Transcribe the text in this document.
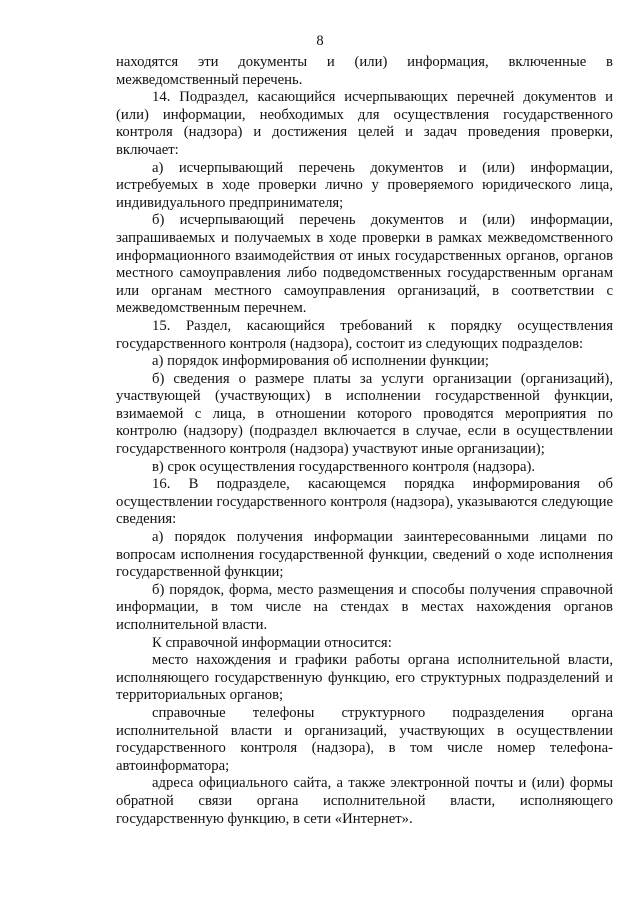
8

находятся эти документы и (или) информация, включенные в межведомственный перечень.

14. Подраздел, касающийся исчерпывающих перечней документов и (или) информации, необходимых для осуществления государственного контроля (надзора) и достижения целей и задач проведения проверки, включает:

а) исчерпывающий перечень документов и (или) информации, истребуемых в ходе проверки лично у проверяемого юридического лица, индивидуального предпринимателя;

б) исчерпывающий перечень документов и (или) информации, запрашиваемых и получаемых в ходе проверки в рамках межведомственного информационного взаимодействия от иных государственных органов, органов местного самоуправления либо подведомственных государственным органам или органам местного самоуправления организаций, в соответствии с межведомственным перечнем.

15. Раздел, касающийся требований к порядку осуществления государственного контроля (надзора), состоит из следующих подразделов:

а) порядок информирования об исполнении функции;

б) сведения о размере платы за услуги организации (организаций), участвующей (участвующих) в исполнении государственной функции, взимаемой с лица, в отношении которого проводятся мероприятия по контролю (надзору) (подраздел включается в случае, если в осуществлении государственного контроля (надзора) участвуют иные организации);

в) срок осуществления государственного контроля (надзора).

16. В подразделе, касающемся порядка информирования об осуществлении государственного контроля (надзора), указываются следующие сведения:

а) порядок получения информации заинтересованными лицами по вопросам исполнения государственной функции, сведений о ходе исполнения государственной функции;

б) порядок, форма, место размещения и способы получения справочной информации, в том числе на стендах в местах нахождения органов исполнительной власти.

К справочной информации относится:

место нахождения и графики работы органа исполнительной власти, исполняющего государственную функцию, его структурных подразделений и территориальных органов;

справочные телефоны структурного подразделения органа исполнительной власти и организаций, участвующих в осуществлении государственного контроля (надзора), в том числе номер телефона-автоинформатора;

адреса официального сайта, а также электронной почты и (или) формы обратной связи органа исполнительной власти, исполняющего государственную функцию, в сети «Интернет».
